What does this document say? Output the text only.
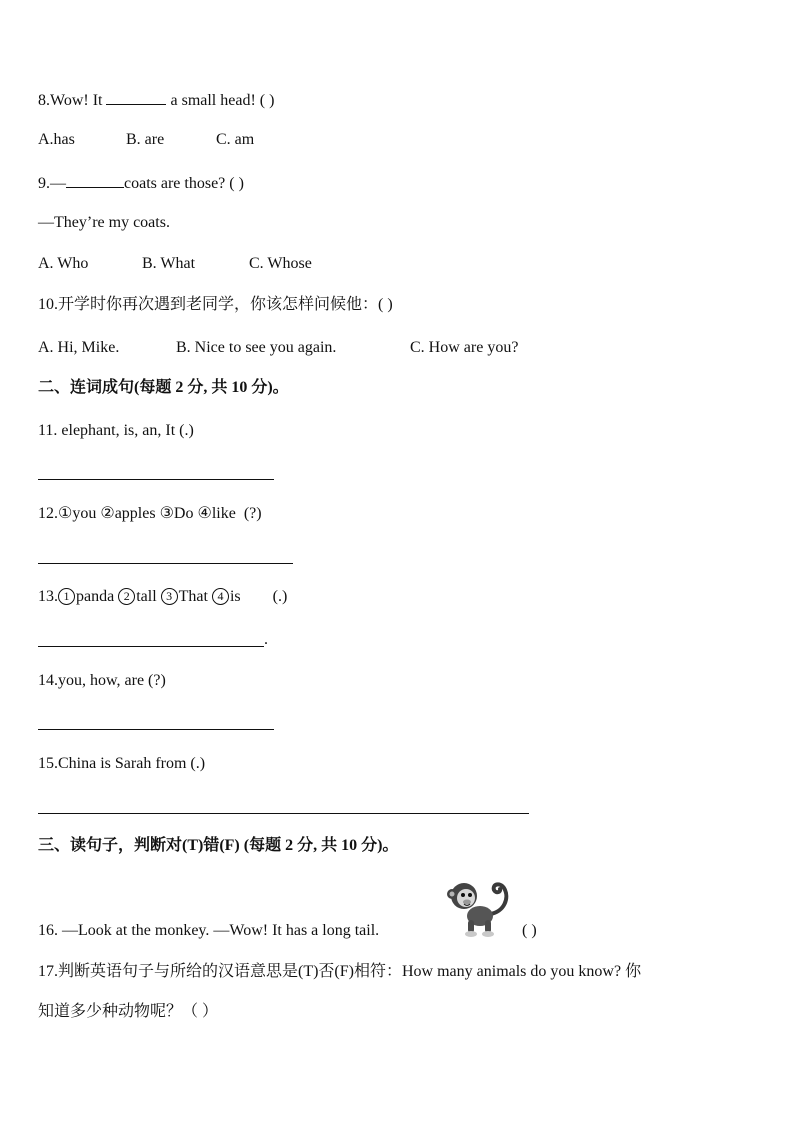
8.Wow! It	a small head! ( )
A.has	B. are	C. am
9.—	coats are those? ( )
—They’re my coats.
A. Who	B. What	C. Whose
10.开学时你再次遇到老同学，你该怎样问候他：( )
A. Hi, Mike.	B. Nice to see you again.	C. How are you?
二、连词成句(每题 2 分, 共 10 分)。
11. elephant, is, an, It (.)
12.①you ②apples ③Do ④like (?)
13. 1 panda 2 tall 3 That 4 is (.)
.
14.you, how, are (?)
15.China is Sarah from (.)
三、读句子，判断对(T)错(F) (每题 2 分, 共 10 分)。
16. —Look at the monkey. —Wow! It has a long tail.	( )
17.判断英语句子与所给的汉语意思是(T)否(F)相符：How many animals do you know? 你
知道多少种动物呢？（ ）
